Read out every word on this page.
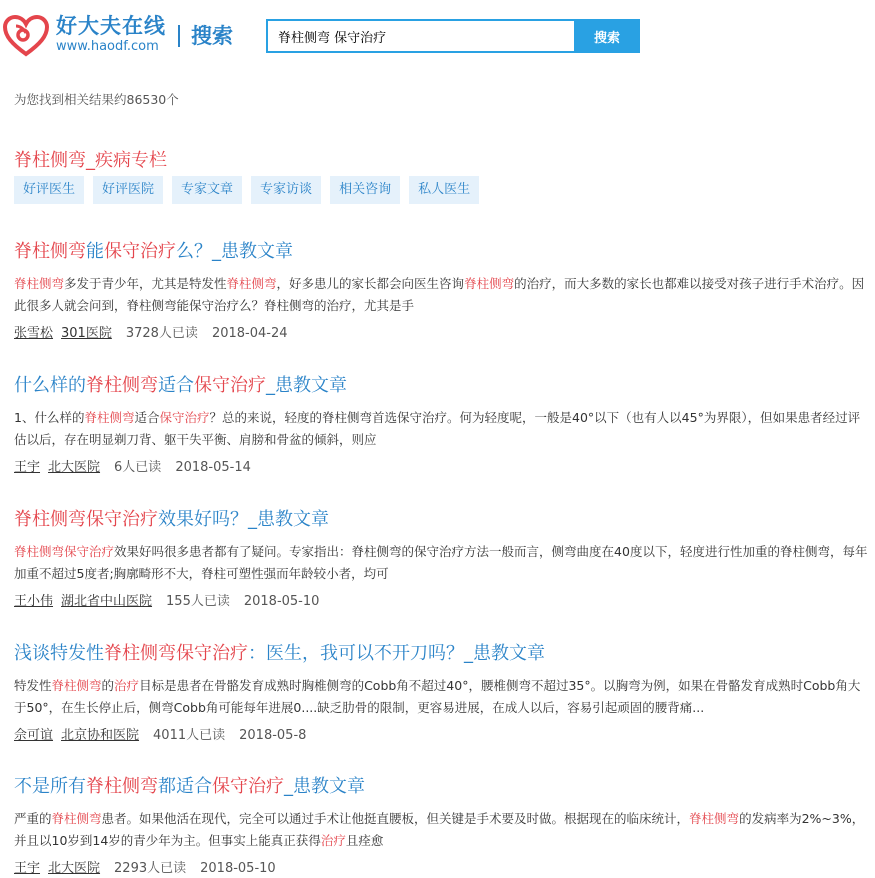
好大夫在线
www.haodf.com 搜索
脊柱侧弯 保守治疗	搜索
为您找到相关结果约86530个
脊柱侧弯_疾病专栏
好评医生	好评医院	专家文章	专家访谈	相关咨询	私人医生
脊柱侧弯能保守治疗么？_患教文章
脊柱侧弯多发于青少年，尤其是特发性脊柱侧弯，好多患儿的家长都会向医生咨询脊柱侧弯的治疗，而大多数的家长也都难以接受对孩子进行手术治疗。因此很多人就会问到，脊柱侧弯能保守治疗么？脊柱侧弯的治疗，尤其是手
张雪松 301医院 3728人已读 2018-04-24
什么样的脊柱侧弯适合保守治疗_患教文章
1、什么样的脊柱侧弯适合保守治疗？总的来说，轻度的脊柱侧弯首选保守治疗。何为轻度呢，一般是40°以下（也有人以45°为界限），但如果患者经过评估以后，存在明显剃刀背、躯干失平衡、肩膀和骨盆的倾斜，则应
王宇 北大医院 6人已读 2018-05-14
脊柱侧弯保守治疗效果好吗？_患教文章
脊柱侧弯保守治疗效果好吗很多患者都有了疑问。专家指出：脊柱侧弯的保守治疗方法一般而言，侧弯曲度在40度以下，轻度进行性加重的脊柱侧弯，每年加重不超过5度者;胸廓畸形不大，脊柱可塑性强而年龄较小者，均可
王小伟 湖北省中山医院 155人已读 2018-05-10
浅谈特发性脊柱侧弯保守治疗：医生，我可以不开刀吗？_患教文章
特发性脊柱侧弯的治疗目标是患者在骨骼发育成熟时胸椎侧弯的Cobb角不超过40°，腰椎侧弯不超过35°。以胸弯为例，如果在骨骼发育成熟时Cobb角大于50°，在生长停止后，侧弯Cobb角可能每年进展0....缺乏肋骨的限制，更容易进展，在成人以后，容易引起顽固的腰背痛...
佘可谊 北京协和医院 4011人已读 2018-05-8
不是所有脊柱侧弯都适合保守治疗_患教文章
严重的脊柱侧弯患者。如果他活在现代，完全可以通过手术让他挺直腰板，但关键是手术要及时做。根据现在的临床统计，脊柱侧弯的发病率为2%~3%，并且以10岁到14岁的青少年为主。但事实上能真正获得治疗且痊愈
王宇 北大医院 2293人已读 2018-05-10
